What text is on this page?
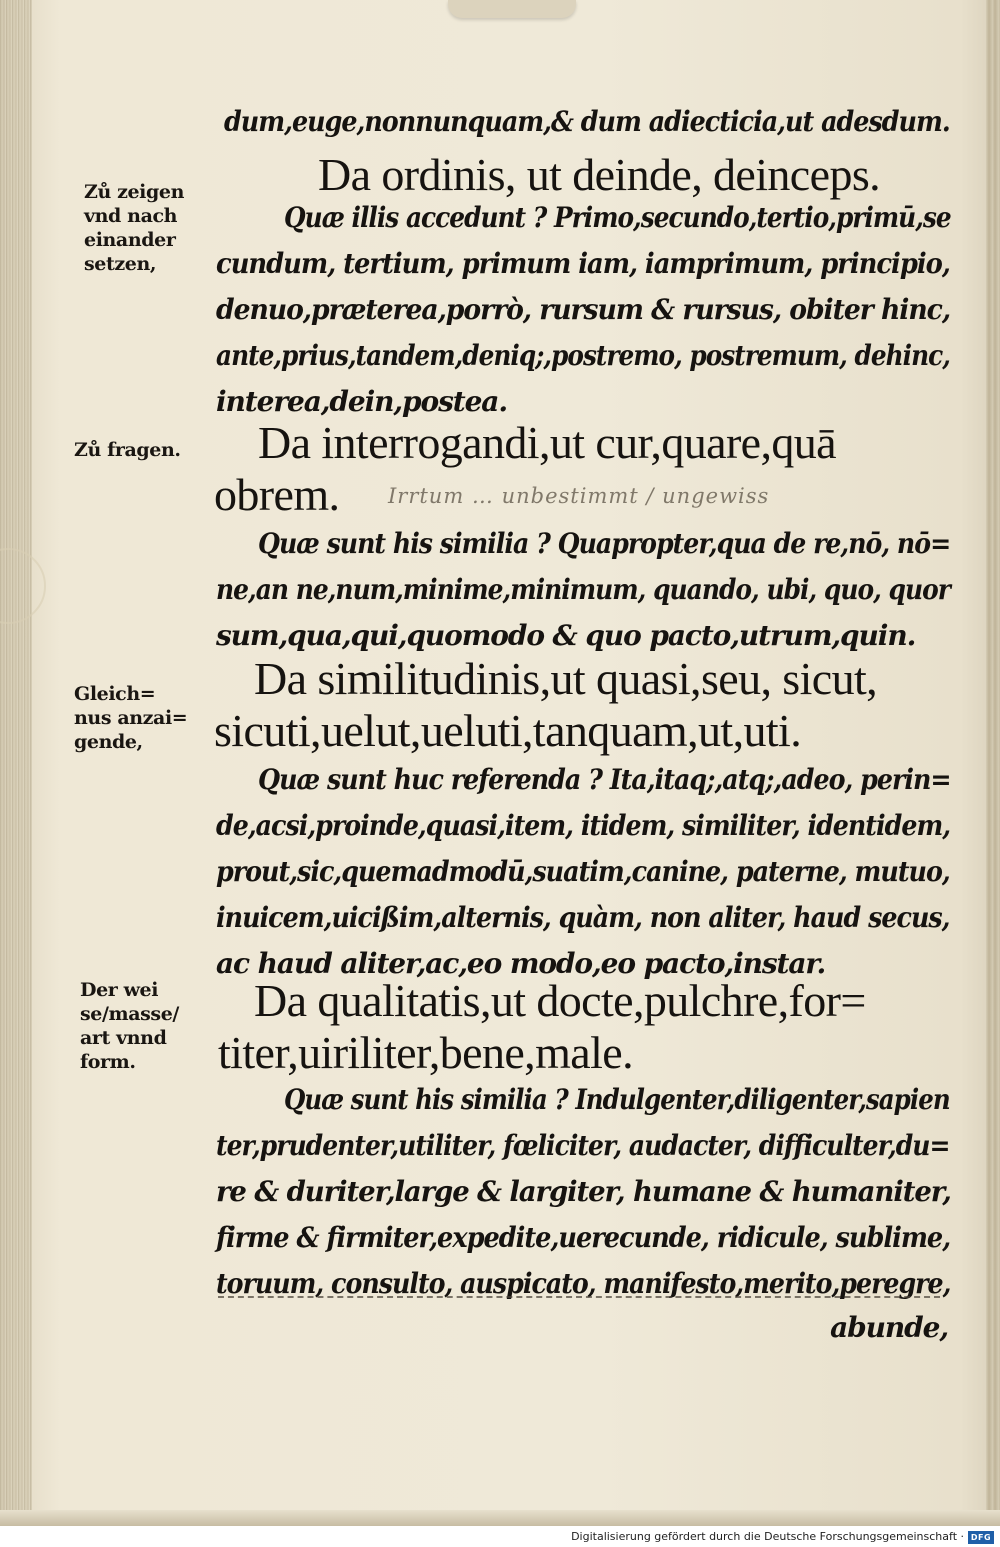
Zů zeigen
vnd nach
einander
setzen,
Zů fragen.
Gleich=
nus anzai=
gende,
Der wei
se/masse/
art vnnd
form.
dum,euge,nonnunquam,& dum adiecticia,ut adesdum.
Da ordinis, ut deinde, deinceps.
Quæ illis accedunt ? Primo,secundo,tertio,primū,se
cundum, tertium, primum iam, iamprimum, principio,
denuo,præterea,porrò, rursum & rursus, obiter hinc,
ante,prius,tandem,deniq;,postremo, postremum, dehinc,
interea,dein,postea.
Da interrogandi,ut cur,quare,quā
obrem. Irrtum … unbestimmt / ungewiss
Quæ sunt his similia ? Quapropter,qua de re,nō, nō=
ne,an ne,num,minime,minimum, quando, ubi, quo, quor
sum,qua,qui,quomodo & quo pacto,utrum,quin.
Da similitudinis,ut quasi,seu, sicut,
sicuti,uelut,ueluti,tanquam,ut,uti.
Quæ sunt huc referenda ? Ita,itaq;,atq;,adeo, perin=
de,acsi,proinde,quasi,item, itidem, similiter, identidem,
prout,sic,quemadmodū,suatim,canine, paterne, mutuo,
inuicem,uicißim,alternis, quàm, non aliter, haud secus,
ac haud aliter,ac,eo modo,eo pacto,instar.
Da qualitatis,ut docte,pulchre,for=
titer,uiriliter,bene,male.
Quæ sunt his similia ? Indulgenter,diligenter,sapien
ter,prudenter,utiliter, fœliciter, audacter, difficulter,du=
re & duriter,large & largiter, humane & humaniter,
firme & firmiter,expedite,uerecunde, ridicule, sublime,
toruum, consulto, auspicato, manifesto,merito,peregre,
abunde,
Digitalisierung gefördert durch die Deutsche Forschungsgemeinschaft · DFG
